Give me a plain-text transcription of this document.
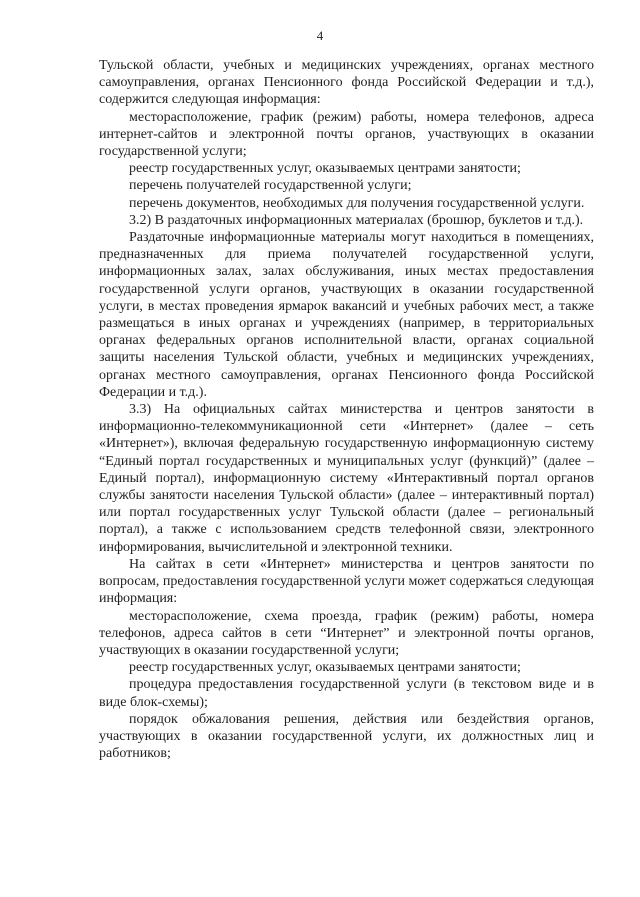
4

Тульской области, учебных и медицинских учреждениях, органах местного самоуправления, органах Пенсионного фонда Российской Федерации и т.д.), содержится следующая информация:

месторасположение, график (режим) работы, номера телефонов, адреса интернет-сайтов и электронной почты органов, участвующих в оказании государственной услуги;

реестр государственных услуг, оказываемых центрами занятости;

перечень получателей государственной услуги;

перечень документов, необходимых для получения государственной услуги.

3.2) В раздаточных информационных материалах (брошюр, буклетов и т.д.).

Раздаточные информационные материалы могут находиться в помещениях, предназначенных для приема получателей государственной услуги, информационных залах, залах обслуживания, иных местах предоставления государственной услуги органов, участвующих в оказании государственной услуги, в местах проведения ярмарок вакансий и учебных рабочих мест, а также размещаться в иных органах и учреждениях (например, в территориальных органах федеральных органов исполнительной власти, органах социальной защиты населения Тульской области, учебных и медицинских учреждениях, органах местного самоуправления, органах Пенсионного фонда Российской Федерации и т.д.).

3.3) На официальных сайтах министерства и центров занятости в информационно-телекоммуникационной сети «Интернет» (далее – сеть «Интернет»), включая федеральную государственную информационную систему “Единый портал государственных и муниципальных услуг (функций)” (далее – Единый портал), информационную систему «Интерактивный портал органов службы занятости населения Тульской области» (далее – интерактивный портал) или портал государственных услуг Тульской области (далее – региональный портал), а также с использованием средств телефонной связи, электронного информирования, вычислительной и электронной техники.

На сайтах в сети «Интернет» министерства и центров занятости по вопросам, предоставления государственной услуги может содержаться следующая информация:

месторасположение, схема проезда, график (режим) работы, номера телефонов, адреса сайтов в сети “Интернет” и электронной почты органов, участвующих в оказании государственной услуги;

реестр государственных услуг, оказываемых центрами занятости;

процедура предоставления государственной услуги (в текстовом виде и в виде блок-схемы);

порядок обжалования решения, действия или бездействия органов, участвующих в оказании государственной услуги, их должностных лиц и работников;
